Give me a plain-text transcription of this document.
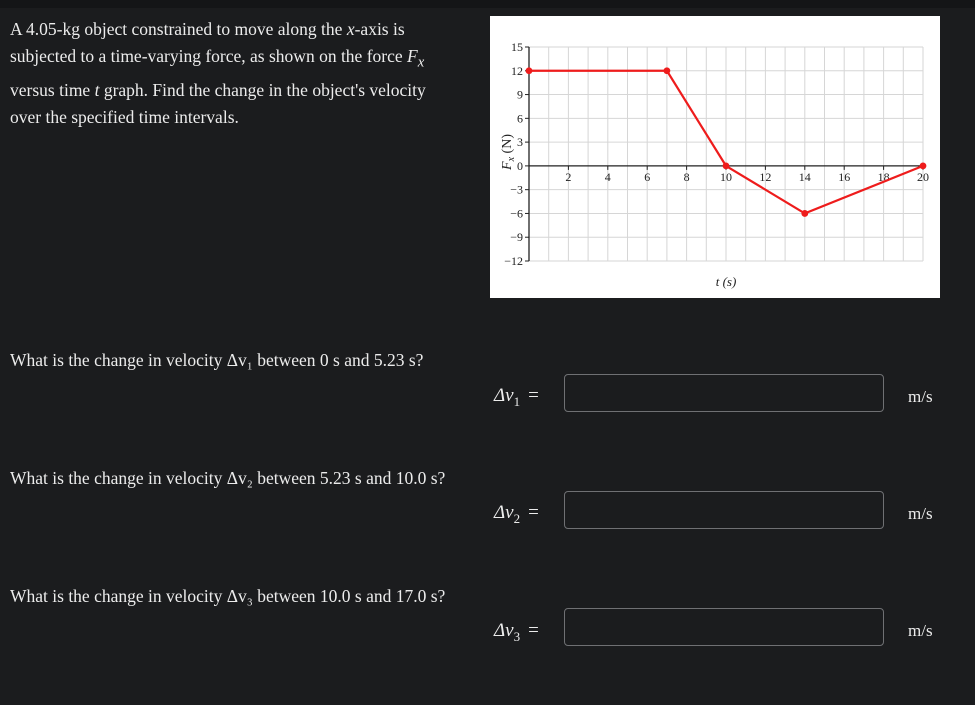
A 4.05-kg object constrained to move along the x-axis is subjected to a time-varying force, as shown on the force $F_x$ versus time t graph. Find the change in the object's velocity over the specified time intervals.

15
12
9
6
3
0
−3
−6
−9
−12
2	4	6	8	10 12 14 16 18 20
t (s)
$F_x$ (N)

What is the change in velocity Δv₁ between 0 s and 5.23 s?

$\Delta v_1$ =	m/s

What is the change in velocity Δv₂ between 5.23 s and 10.0 s?

$\Delta v_2$ =	m/s

What is the change in velocity Δv₃ between 10.0 s and 17.0 s?

$\Delta v_3$ =	m/s
